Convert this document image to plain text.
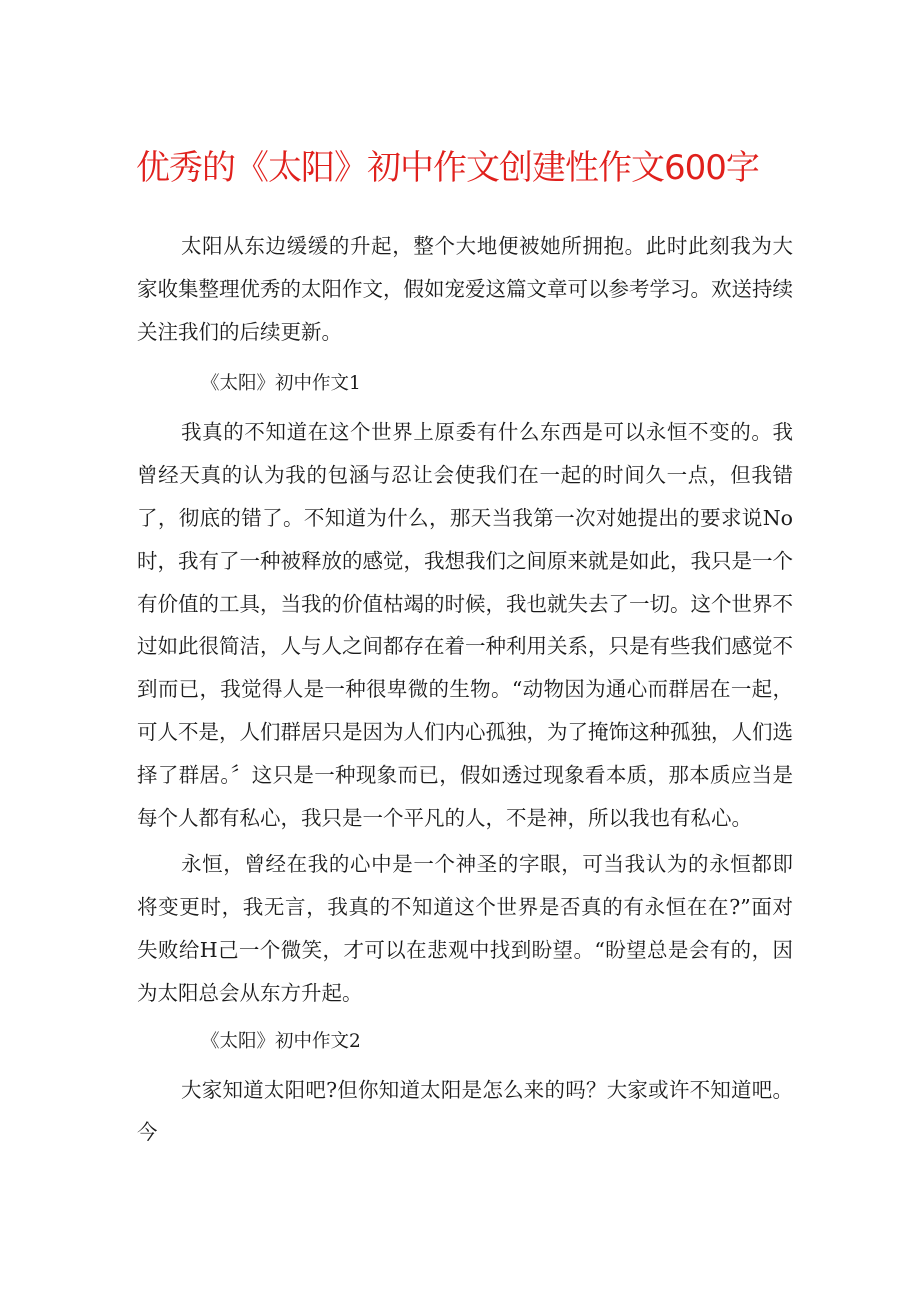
优秀的《太阳》初中作文创建性作文600字

太阳从东边缓缓的升起，整个大地便被她所拥抱。此时此刻我为大家收集整理优秀的太阳作文，假如宠爱这篇文章可以参考学习。欢送持续关注我们的后续更新。

《太阳》初中作文1

我真的不知道在这个世界上原委有什么东西是可以永恒不变的。我曾经天真的认为我的包涵与忍让会使我们在一起的时间久一点，但我错了，彻底的错了。不知道为什么，那天当我第一次对她提出的要求说No时，我有了一种被释放的感觉，我想我们之间原来就是如此，我只是一个有价值的工具，当我的价值枯竭的时候，我也就失去了一切。这个世界不过如此很简洁，人与人之间都存在着一种利用关系，只是有些我们感觉不到而已，我觉得人是一种很卑微的生物。“动物因为通心而群居在一起，可人不是，人们群居只是因为人们内心孤独，为了掩饰这种孤独，人们选择了群居。〞这只是一种现象而已，假如透过现象看本质，那本质应当是每个人都有私心，我只是一个平凡的人，不是神，所以我也有私心。

永恒，曾经在我的心中是一个神圣的字眼，可当我认为的永恒都即将变更时，我无言，我真的不知道这个世界是否真的有永恒在在?”面对失败给H己一个微笑，才可以在悲观中找到盼望。“盼望总是会有的，因为太阳总会从东方升起。

《太阳》初中作文2

大家知道太阳吧?但你知道太阳是怎么来的吗？大家或许不知道吧。今
